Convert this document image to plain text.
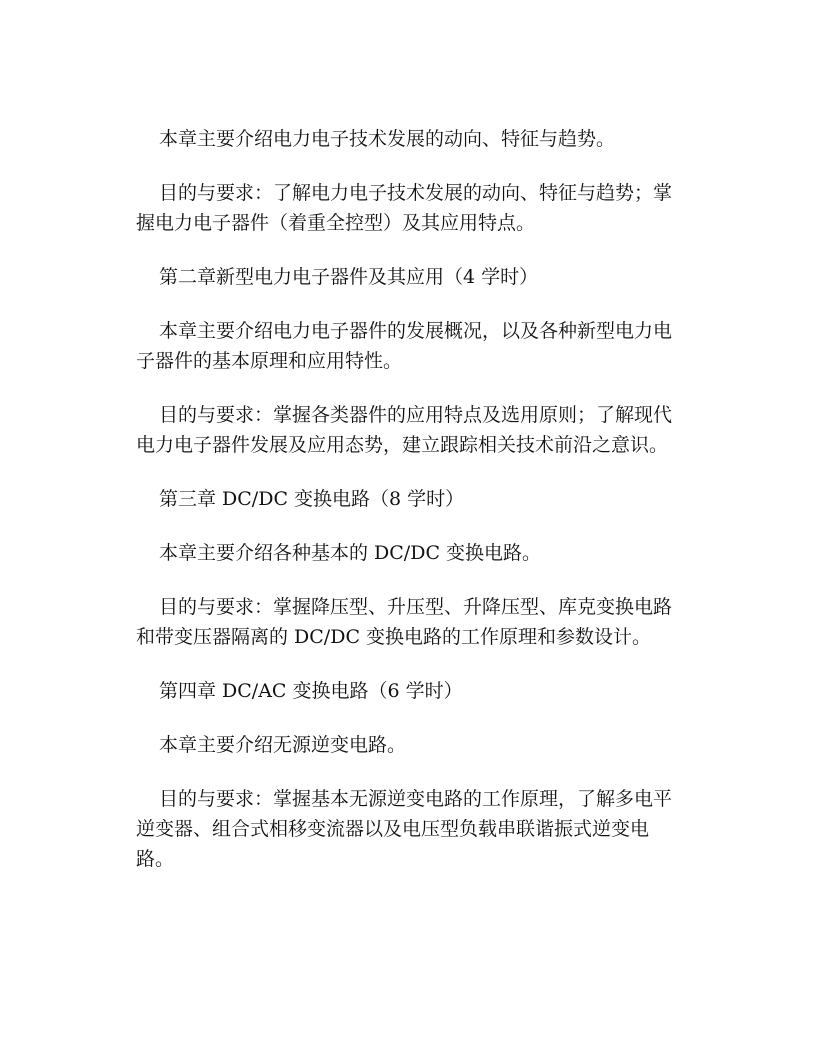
本章主要介绍电力电子技术发展的动向、特征与趋势。

目的与要求：了解电力电子技术发展的动向、特征与趋势；掌握电力电子器件（着重全控型）及其应用特点。

第二章新型电力电子器件及其应用（4 学时）

本章主要介绍电力电子器件的发展概况，以及各种新型电力电子器件的基本原理和应用特性。

目的与要求：掌握各类器件的应用特点及选用原则；了解现代电力电子器件发展及应用态势，建立跟踪相关技术前沿之意识。

第三章 DC/DC 变换电路（8 学时）

本章主要介绍各种基本的 DC/DC 变换电路。

目的与要求：掌握降压型、升压型、升降压型、库克变换电路和带变压器隔离的 DC/DC 变换电路的工作原理和参数设计。

第四章 DC/AC 变换电路（6 学时）

本章主要介绍无源逆变电路。

目的与要求：掌握基本无源逆变电路的工作原理，了解多电平逆变器、组合式相移变流器以及电压型负载串联谐振式逆变电路。
